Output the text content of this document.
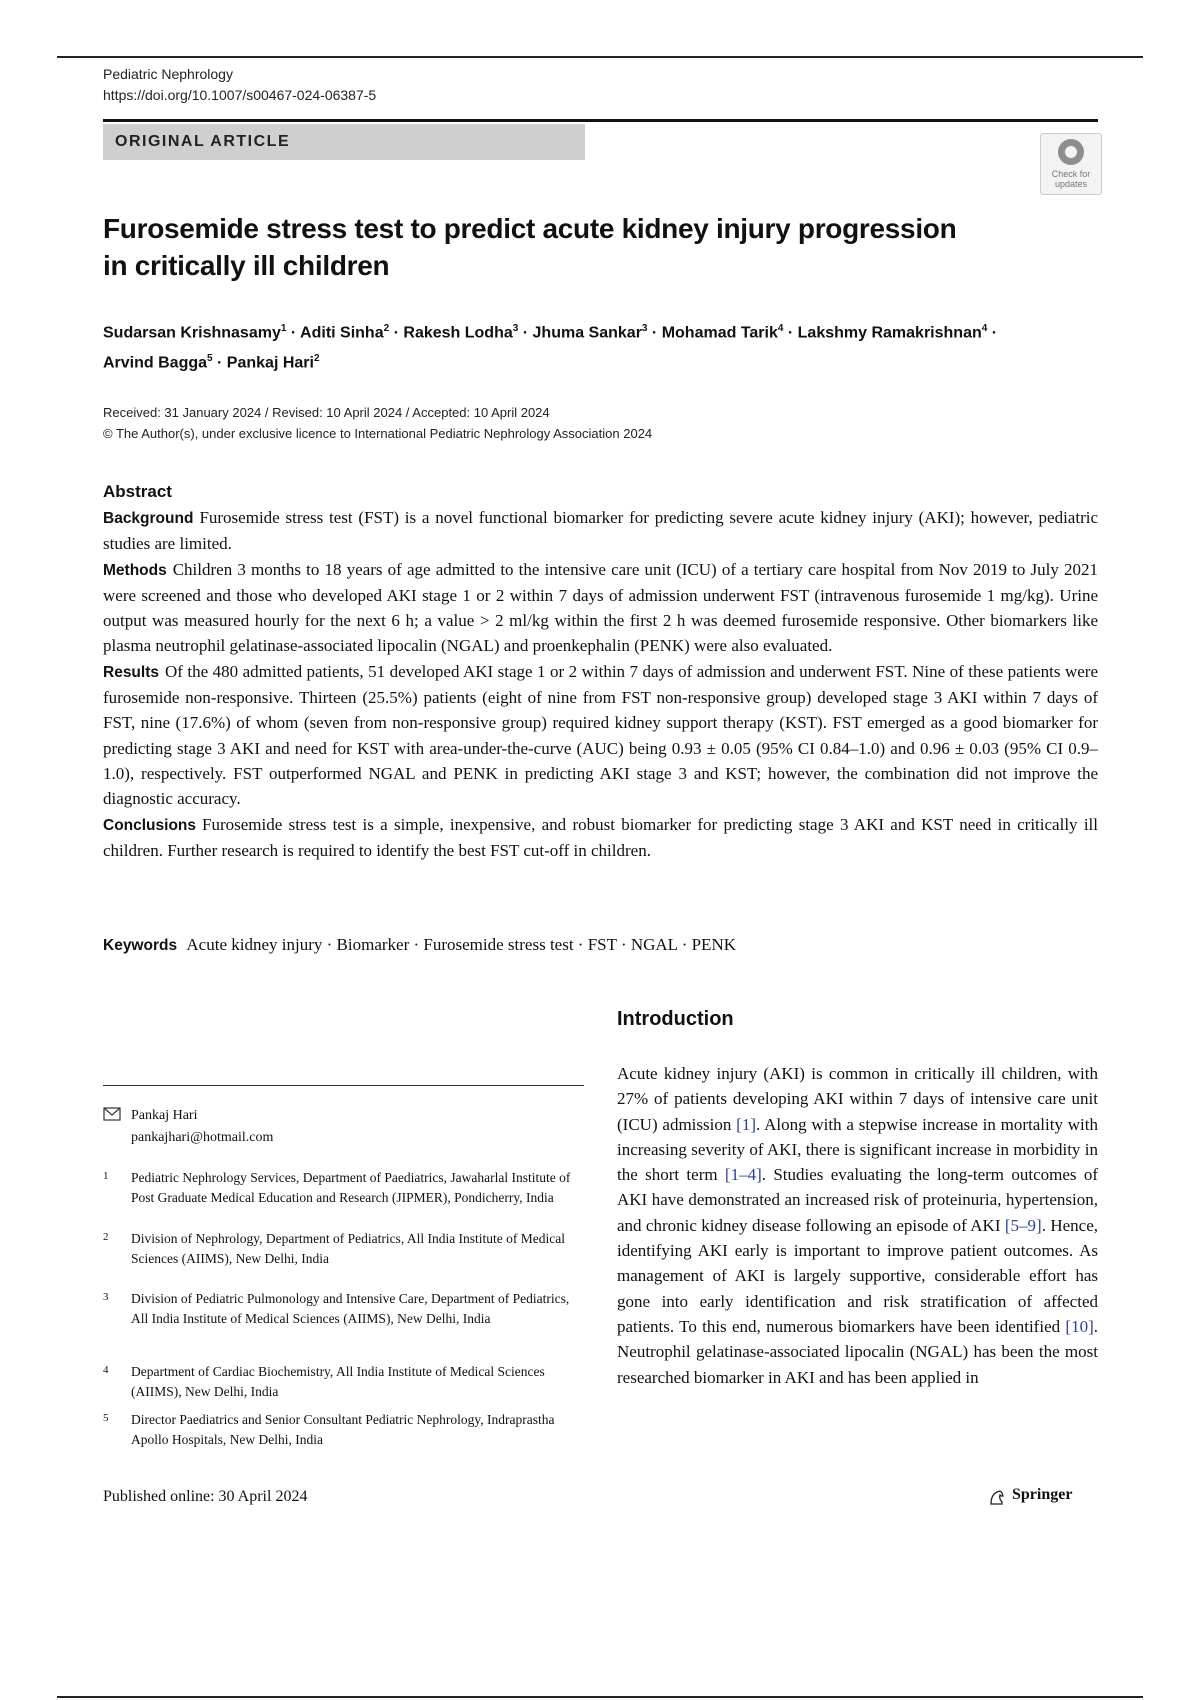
Pediatric Nephrology
https://doi.org/10.1007/s00467-024-06387-5
ORIGINAL ARTICLE
Check for updates
Furosemide stress test to predict acute kidney injury progression
in critically ill children
Sudarsan Krishnasamy$^1$ · Aditi Sinha$^2$ · Rakesh Lodha$^3$ · Jhuma Sankar$^3$ · Mohamad Tarik$^4$ · Lakshmy Ramakrishnan$^4$ ·
Arvind Bagga$^5$ · Pankaj Hari$^2$
Received: 31 January 2024 / Revised: 10 April 2024 / Accepted: 10 April 2024
© The Author(s), under exclusive licence to International Pediatric Nephrology Association 2024
Abstract

Background Furosemide stress test (FST) is a novel functional biomarker for predicting severe acute kidney injury (AKI); however, pediatric studies are limited.

Methods Children 3 months to 18 years of age admitted to the intensive care unit (ICU) of a tertiary care hospital from Nov 2019 to July 2021 were screened and those who developed AKI stage 1 or 2 within 7 days of admission underwent FST (intravenous furosemide 1 mg/kg). Urine output was measured hourly for the next 6 h; a value > 2 ml/kg within the first 2 h was deemed furosemide responsive. Other biomarkers like plasma neutrophil gelatinase-associated lipocalin (NGAL) and proenkephalin (PENK) were also evaluated.

Results Of the 480 admitted patients, 51 developed AKI stage 1 or 2 within 7 days of admission and underwent FST. Nine of these patients were furosemide non-responsive. Thirteen (25.5%) patients (eight of nine from FST non-responsive group) developed stage 3 AKI within 7 days of FST, nine (17.6%) of whom (seven from non-responsive group) required kidney support therapy (KST). FST emerged as a good biomarker for predicting stage 3 AKI and need for KST with area-under-the-curve (AUC) being 0.93 ± 0.05 (95% CI 0.84–1.0) and 0.96 ± 0.03 (95% CI 0.9–1.0), respectively. FST outperformed NGAL and PENK in predicting AKI stage 3 and KST; however, the combination did not improve the diagnostic accuracy.

Conclusions Furosemide stress test is a simple, inexpensive, and robust biomarker for predicting stage 3 AKI and KST need in critically ill children. Further research is required to identify the best FST cut-off in children.

Keywords Acute kidney injury · Biomarker · Furosemide stress test · FST · NGAL · PENK
Introduction

Acute kidney injury (AKI) is common in critically ill children, with 27% of patients developing AKI within 7 days of intensive care unit (ICU) admission [1]. Along with a stepwise increase in mortality with increasing severity of AKI, there is significant increase in morbidity in the short term [1–4]. Studies evaluating the long-term outcomes of AKI have demonstrated an increased risk of proteinuria, hypertension, and chronic kidney disease following an episode of AKI [5–9]. Hence, identifying AKI early is important to improve patient outcomes. As management of AKI is largely supportive, considerable effort has gone into early identification and risk stratification of affected patients. To this end, numerous biomarkers have been identified [10]. Neutrophil gelatinase-associated lipocalin (NGAL) has been the most researched biomarker in AKI and has been applied in

Pankaj Hari
pankajhari@hotmail.com
1 Pediatric Nephrology Services, Department of Paediatrics, Jawaharlal Institute of Post Graduate Medical Education and Research (JIPMER), Pondicherry, India
2 Division of Nephrology, Department of Pediatrics, All India Institute of Medical Sciences (AIIMS), New Delhi, India
3 Division of Pediatric Pulmonology and Intensive Care, Department of Pediatrics, All India Institute of Medical Sciences (AIIMS), New Delhi, India
4 Department of Cardiac Biochemistry, All India Institute of Medical Sciences (AIIMS), New Delhi, India
5 Director Paediatrics and Senior Consultant Pediatric Nephrology, Indraprastha Apollo Hospitals, New Delhi, India
Published online: 30 April 2024	Springer
